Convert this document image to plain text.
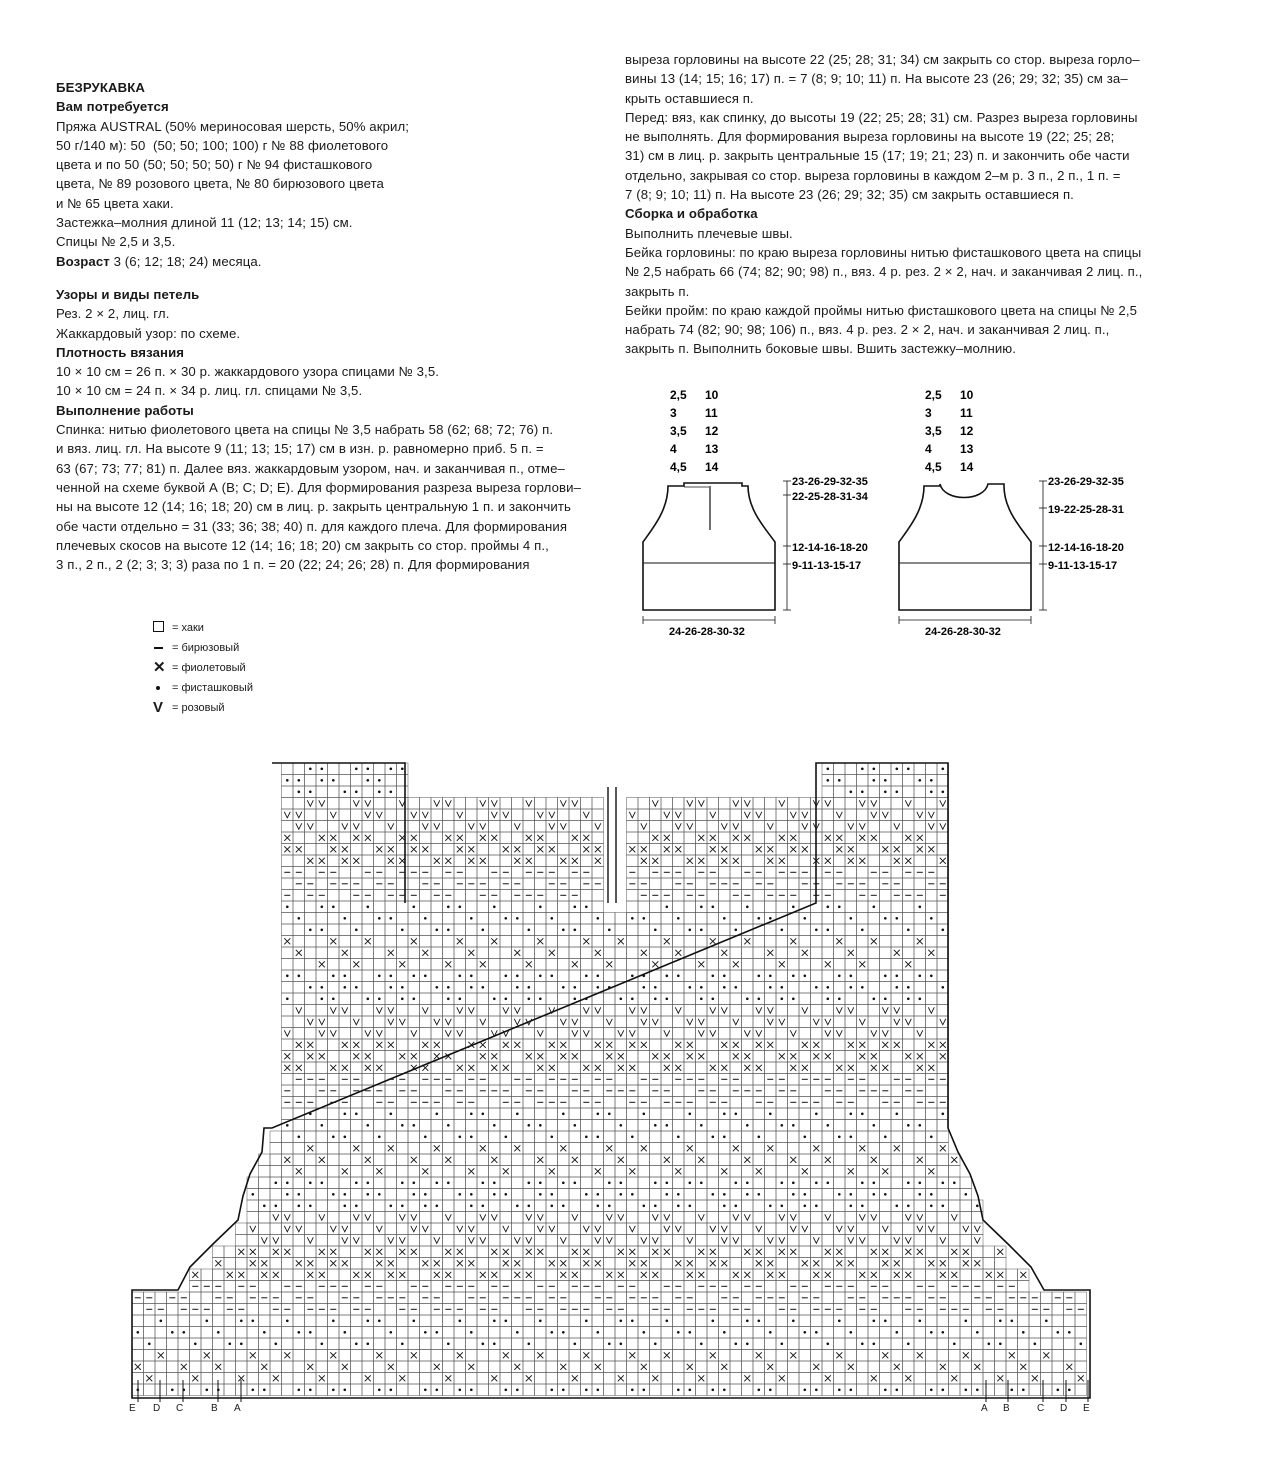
БЕЗРУКАВКА

Вам потребуется

Пряжа AUSTRAL (50% мериносовая шерсть, 50% акрил;

50 г/140 м): 50  (50; 50; 100; 100) г № 88 фиолетового

цвета и по 50 (50; 50; 50; 50) г № 94 фисташкового

цвета, № 89 розового цвета, № 80 бирюзового цвета

и № 65 цвета хаки.

Застежка–молния длиной 11 (12; 13; 14; 15) см.

Спицы № 2,5 и 3,5.

Возраст 3 (6; 12; 18; 24) месяца.

Узоры и виды петель

Рез. 2 × 2, лиц. гл.

Жаккардовый узор: по схеме.

Плотность вязания

10 × 10 см = 26 п. × 30 р. жаккардового узора спицами № 3,5.

10 × 10 см = 24 п. × 34 р. лиц. гл. спицами № 3,5.

Выполнение работы

Спинка: нитью фиолетового цвета на спицы № 3,5 набрать 58 (62; 68; 72; 76) п.

и вяз. лиц. гл. На высоте 9 (11; 13; 15; 17) см в изн. р. равномерно приб. 5 п. =

63 (67; 73; 77; 81) п. Далее вяз. жаккардовым узором, нач. и заканчивая п., отме–

ченной на схеме буквой А (В; С; D; Е). Для формирования разреза выреза горлови–

ны на высоте 12 (14; 16; 18; 20) см в лиц. р. закрыть центральную 1 п. и закончить

обе части отдельно = 31 (33; 36; 38; 40) п. для каждого плеча. Для формирования

плечевых скосов на высоте 12 (14; 16; 18; 20) см закрыть со стор. проймы 4 п.,

3 п., 2 п., 2 (2; 3; 3; 3) раза по 1 п. = 20 (22; 24; 26; 28) п. Для формирования

выреза горловины на высоте 22 (25; 28; 31; 34) см закрыть со стор. выреза горло–

вины 13 (14; 15; 16; 17) п. = 7 (8; 9; 10; 11) п. На высоте 23 (26; 29; 32; 35) см за–

крыть оставшиеся п.

Перед: вяз, как спинку, до высоты 19 (22; 25; 28; 31) см. Разрез выреза горловины

не выполнять. Для формирования выреза горловины на высоте 19 (22; 25; 28;

31) см в лиц. р. закрыть центральные 15 (17; 19; 21; 23) п. и закончить обе части

отдельно, закрывая со стор. выреза горловины в каждом 2–м р. 3 п., 2 п., 1 п. =

7 (8; 9; 10; 11) п. На высоте 23 (26; 29; 32; 35) см закрыть оставшиеся п.

Сборка и обработка

Выполнить плечевые швы.

Бейка горловины: по краю выреза горловины нитью фисташкового цвета на спицы

№ 2,5 набрать 66 (74; 82; 90; 98) п., вяз. 4 р. рез. 2 × 2, нач. и заканчивая 2 лиц. п.,

закрыть п.

Бейки пройм: по краю каждой проймы нитью фисташкового цвета на спицы № 2,5

набрать 74 (82; 90; 98; 106) п., вяз. 4 р. рез. 2 × 2, нач. и заканчивая 2 лиц. п.,

закрыть п. Выполнить боковые швы. Вшить застежку–молнию.

2,5 10
3 11
3,5 12
4 13
4,5 14
23-26-29-32-35
22-25-28-31-34
12-14-16-18-20
9-11-13-15-17
24-26-28-30-32
2,5 10
3 11
3,5 12
4 13
4,5 14
23-26-29-32-35
19-22-25-28-31
12-14-16-18-20
9-11-13-15-17
24-26-28-30-32
= хаки
= бирюзовый
✕ = фиолетовый
= фисташковый
V = розовый
E D C	B A	A B	C D E
